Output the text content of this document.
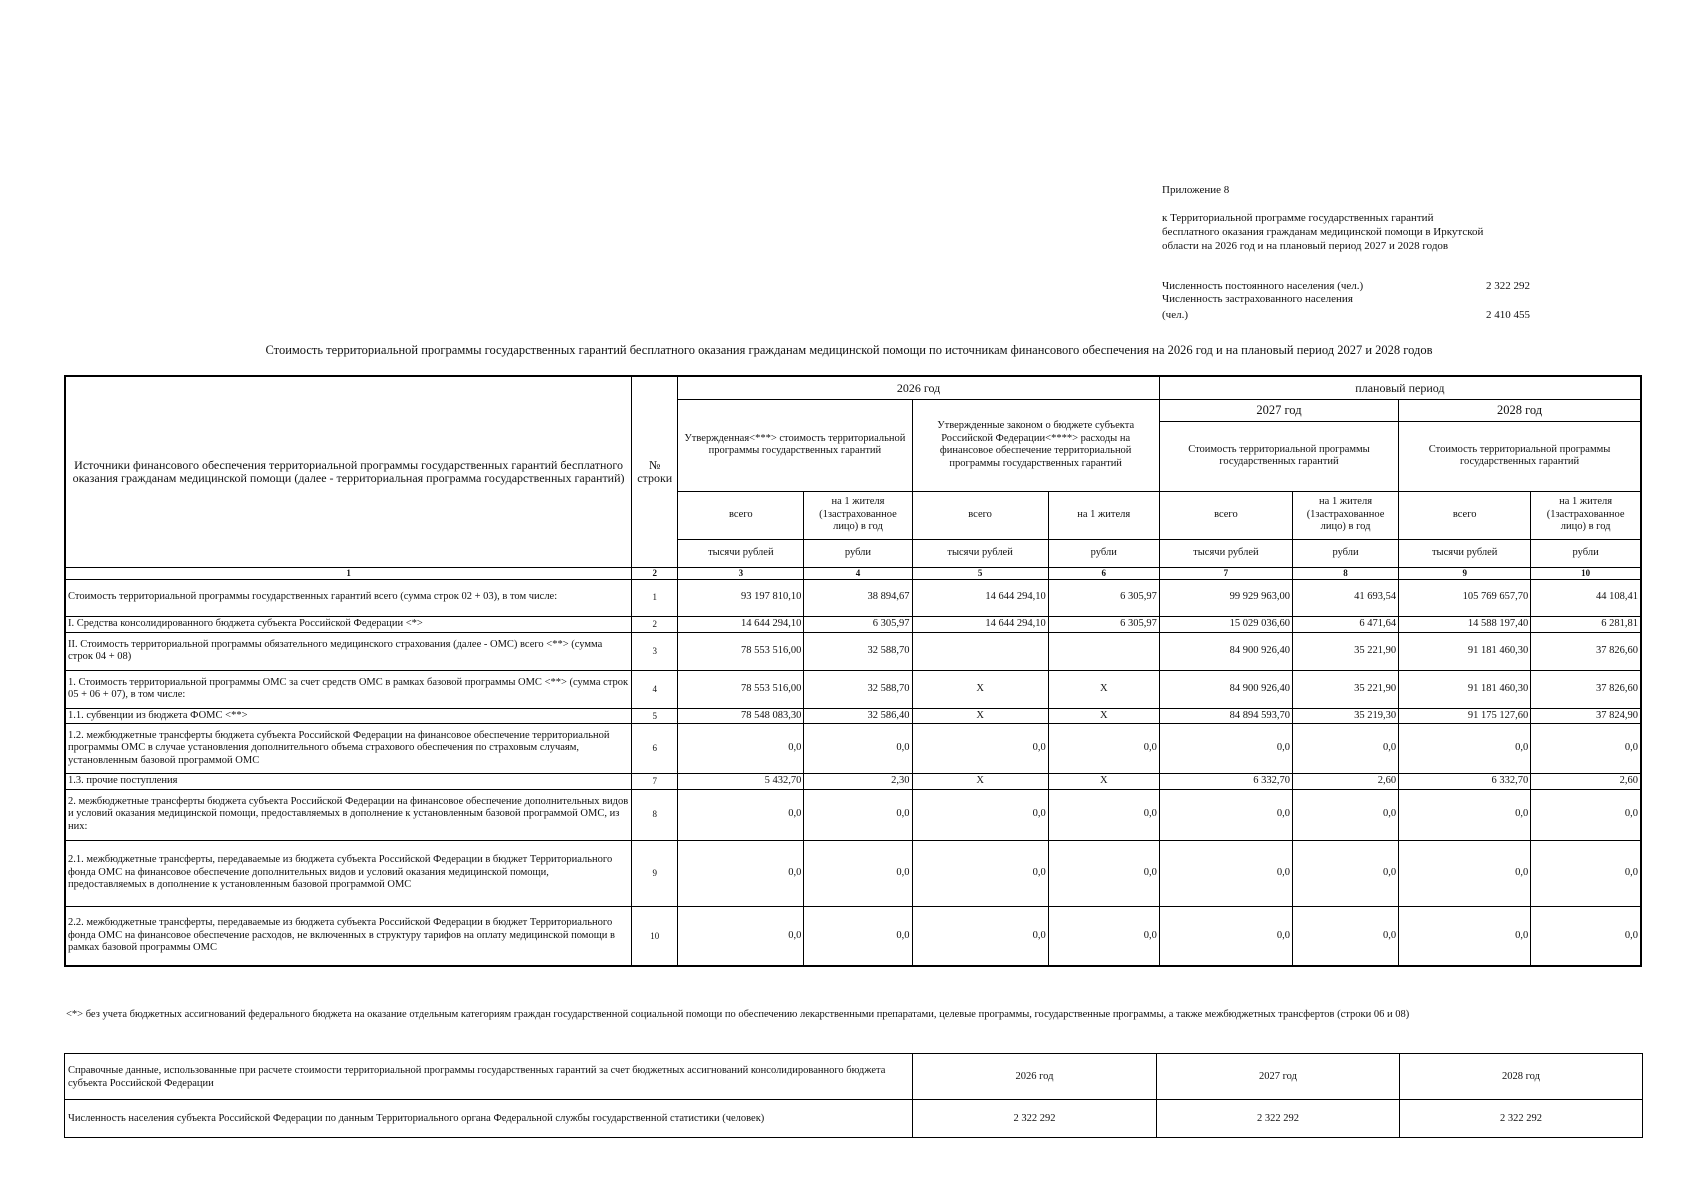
Приложение 8
к Территориальной программе государственных гарантий
бесплатного оказания гражданам медицинской помощи в Иркутской
области на 2026 год и на плановый период 2027 и 2028 годов
Численность постоянного населения (чел.)	2 322 292
Численность застрахованного населения
(чел.)	2 410 455
Стоимость территориальной программы государственных гарантий бесплатного оказания гражданам медицинской помощи по источникам финансового обеспечения на 2026 год и на плановый период 2027 и 2028 годов
Источники финансового обеспечения территориальной программы государственных гарантий бесплатного оказания гражданам медицинской помощи (далее - территориальная программа государственных гарантий)	№ строки	2026 год				плановый период			
		Утвержденная<***> стоимость территориальной программы государственных гарантий		Утвержденные законом о бюджете субъекта Российской Федерации<****> расходы на финансовое обеспечение территориальной программы государственных гарантий		2027 год		2028 год	
						Стоимость территориальной программы государственных гарантий		Стоимость территориальной программы государственных гарантий	
		всего	на 1 жителя (1застрахованное лицо) в год	всего	на 1 жителя	всего	на 1 жителя (1застрахованное лицо) в год	всего	на 1 жителя (1застрахованное лицо) в год
		тысячи рублей	рубли	тысячи рублей	рубли	тысячи рублей	рубли	тысячи рублей	рубли
1	2	3	4	5	6	7	8	9	10
Стоимость территориальной программы государственных гарантий всего (сумма строк 02 + 03), в том числе:	1	93 197 810,10	38 894,67	14 644 294,10	6 305,97	99 929 963,00	41 693,54	105 769 657,70	44 108,41
I. Средства консолидированного бюджета субъекта Российской Федерации <*>	2	14 644 294,10	6 305,97	14 644 294,10	6 305,97	15 029 036,60	6 471,64	14 588 197,40	6 281,81
II. Стоимость территориальной программы обязательного медицинского страхования (далее - ОМС) всего <**> (сумма строк 04 + 08)	3	78 553 516,00	32 588,70			84 900 926,40	35 221,90	91 181 460,30	37 826,60
1. Стоимость территориальной программы ОМС за счет средств ОМС в рамках базовой программы ОМС <**> (сумма строк 05 + 06 + 07), в том числе:	4	78 553 516,00	32 588,70	X	X	84 900 926,40	35 221,90	91 181 460,30	37 826,60
1.1. субвенции из бюджета ФОМС <**>	5	78 548 083,30	32 586,40	X	X	84 894 593,70	35 219,30	91 175 127,60	37 824,90
1.2. межбюджетные трансферты бюджета субъекта Российской Федерации на финансовое обеспечение территориальной программы ОМС в случае установления дополнительного объема страхового обеспечения по страховым случаям, установленным базовой программой ОМС	6	0,0	0,0	0,0	0,0	0,0	0,0	0,0	0,0
1.3. прочие поступления	7	5 432,70	2,30	X	X	6 332,70	2,60	6 332,70	2,60
2. межбюджетные трансферты бюджета субъекта Российской Федерации на финансовое обеспечение дополнительных видов и условий оказания медицинской помощи, предоставляемых в дополнение к установленным базовой программой ОМС, из них:	8	0,0	0,0	0,0	0,0	0,0	0,0	0,0	0,0
2.1. межбюджетные трансферты, передаваемые из бюджета субъекта Российской Федерации в бюджет Территориального фонда ОМС на финансовое обеспечение дополнительных видов и условий оказания медицинской помощи, предоставляемых в дополнение к установленным базовой программой ОМС	9	0,0	0,0	0,0	0,0	0,0	0,0	0,0	0,0
2.2. межбюджетные трансферты, передаваемые из бюджета субъекта Российской Федерации в бюджет Территориального фонда ОМС на финансовое обеспечение расходов, не включенных в структуру тарифов на оплату медицинской помощи в рамках базовой программы ОМС	10	0,0	0,0	0,0	0,0	0,0	0,0	0,0	0,0
<*> без учета бюджетных ассигнований федерального бюджета на оказание отдельным категориям граждан государственной социальной помощи по обеспечению лекарственными препаратами, целевые программы, государственные программы, а также межбюджетных трансфертов (строки 06 и 08)
Справочные данные, использованные при расчете стоимости территориальной программы государственных гарантий за счет бюджетных ассигнований консолидированного бюджета субъекта Российской Федерации	2026 год	2027 год	2028 год
Численность населения субъекта Российской Федерации по данным Территориального органа Федеральной службы государственной статистики (человек)	2 322 292	2 322 292	2 322 292
